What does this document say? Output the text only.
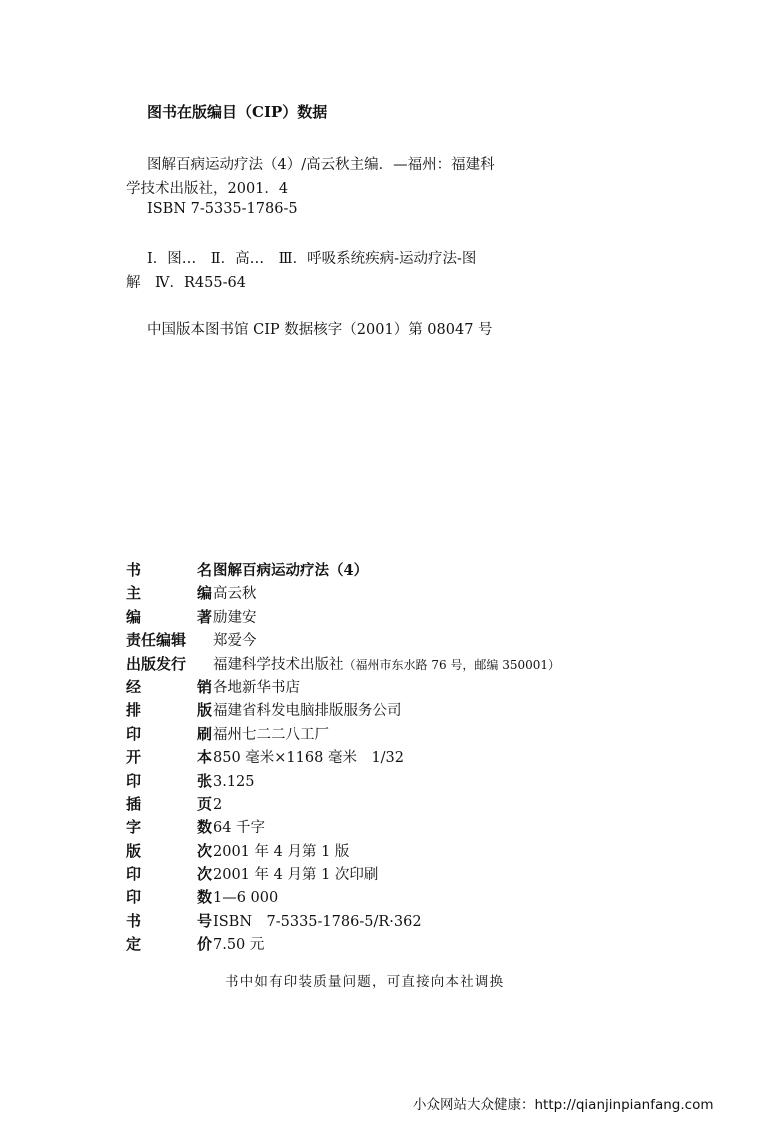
图书在版编目（CIP）数据
图解百病运动疗法（4）/高云秋主编．—福州：福建科
学技术出版社，2001．4
ISBN 7-5335-1786-5
Ⅰ．图…　Ⅱ．高…　Ⅲ．呼吸系统疾病-运动疗法-图
解　Ⅳ．R455-64
中国版本图书馆 CIP 数据核字（2001）第 08047 号
书	名 图解百病运动疗法（4）
主	编 高云秋
编	著 励建安
责任编辑	郑爱今
出版发行	福建科学技术出版社（福州市东水路 76 号，邮编 350001）
经	销 各地新华书店
排	版 福建省科发电脑排版服务公司
印	刷 福州七二二八工厂
开	本 850 毫米×1168 毫米　1/32
印	张 3.125
插	页 2
字	数 64 千字
版	次 2001 年 4 月第 1 版
印	次 2001 年 4 月第 1 次印刷
印	数 1—6 000
书	号 ISBN　7-5335-1786-5/R·362
定	价 7.50 元
书中如有印装质量问题，可直接向本社调换
小众网站大众健康：http://qianjinpianfang.com
